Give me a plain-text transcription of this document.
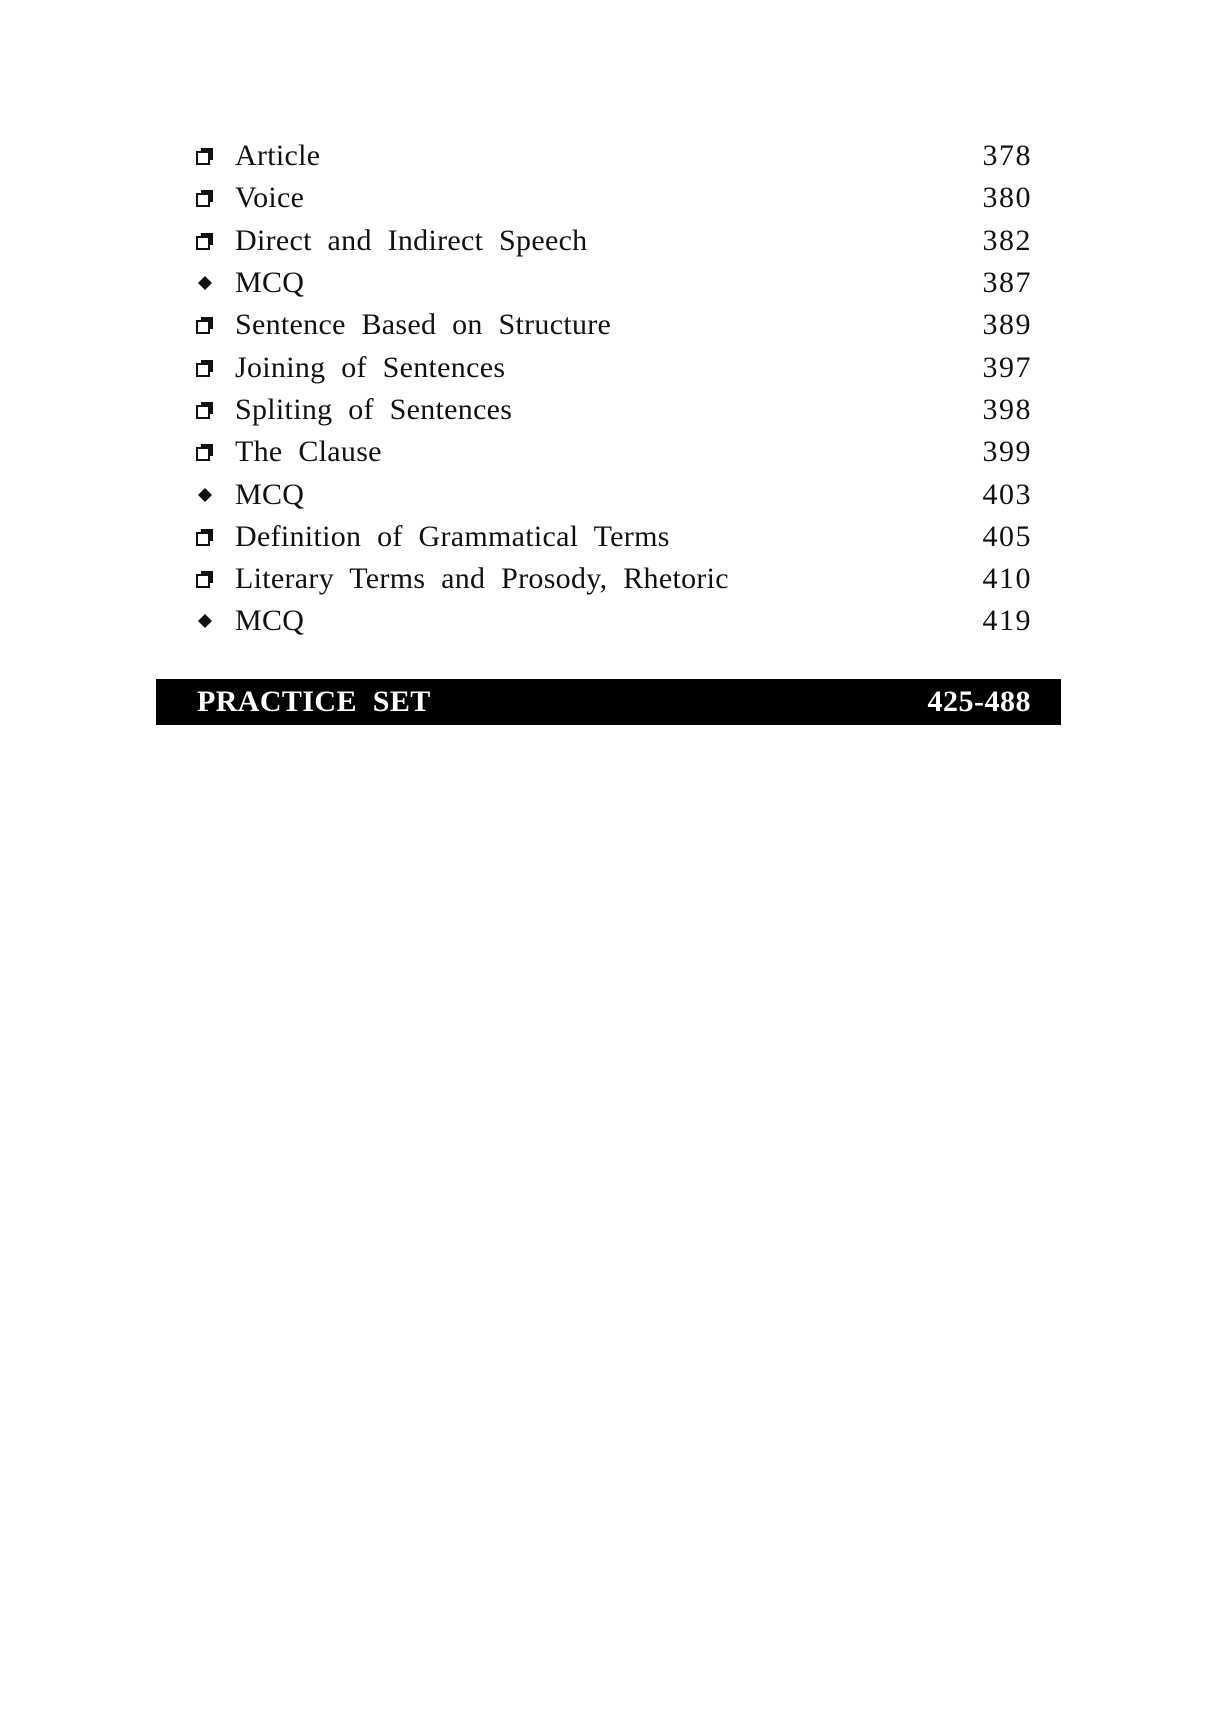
Article	378
Voice	380
Direct and Indirect Speech	382
MCQ	387
Sentence Based on Structure	389
Joining of Sentences	397
Spliting of Sentences	398
The Clause	399
MCQ	403
Definition of Grammatical Terms	405
Literary Terms and Prosody, Rhetoric	410
MCQ	419
PRACTICE SET	425-488
